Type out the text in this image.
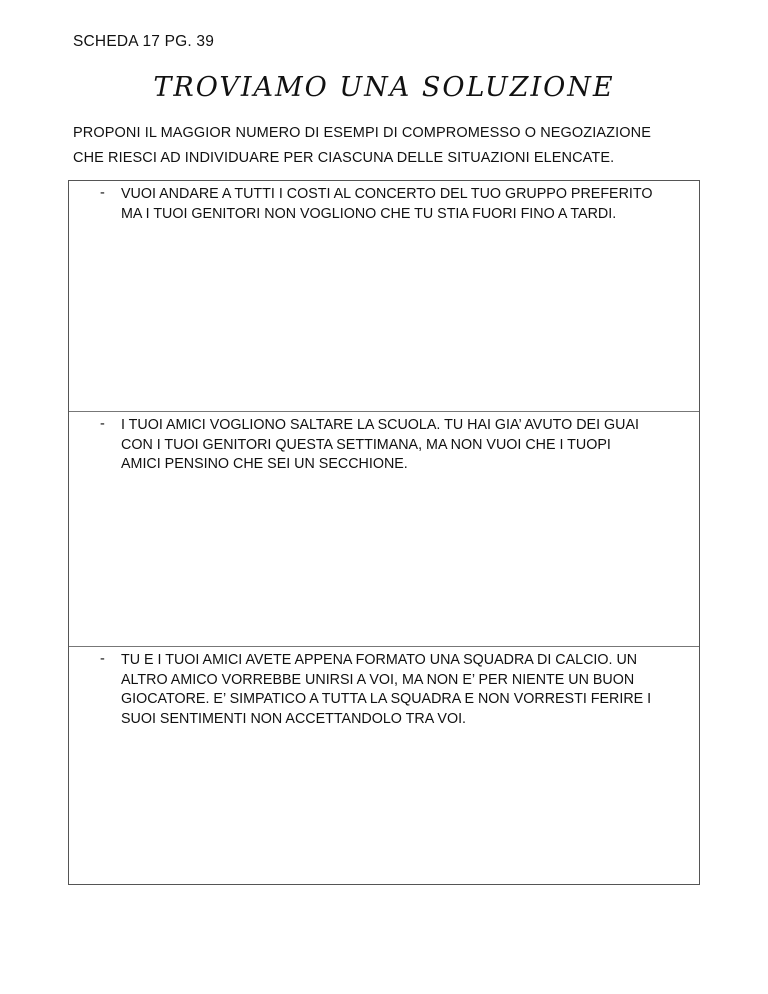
SCHEDA 17 PG. 39
TROVIAMO UNA SOLUZIONE
PROPONI IL MAGGIOR NUMERO DI ESEMPI DI COMPROMESSO O NEGOZIAZIONE
CHE RIESCI AD INDIVIDUARE PER CIASCUNA DELLE SITUAZIONI ELENCATE.
- VUOI ANDARE A TUTTI I COSTI AL CONCERTO DEL TUO GRUPPO PREFERITO
MA I TUOI GENITORI NON VOGLIONO CHE TU STIA FUORI FINO A TARDI.
- I TUOI AMICI VOGLIONO SALTARE LA SCUOLA. TU HAI GIA’ AVUTO DEI GUAI
CON I TUOI GENITORI QUESTA SETTIMANA, MA NON VUOI CHE I TUOPI
AMICI PENSINO CHE SEI UN SECCHIONE.
- TU E I TUOI AMICI AVETE APPENA FORMATO UNA SQUADRA DI CALCIO. UN
ALTRO AMICO VORREBBE UNIRSI A VOI, MA NON E’ PER NIENTE UN BUON
GIOCATORE. E’ SIMPATICO A TUTTA LA SQUADRA E NON VORRESTI FERIRE I
SUOI SENTIMENTI NON ACCETTANDOLO TRA VOI.
